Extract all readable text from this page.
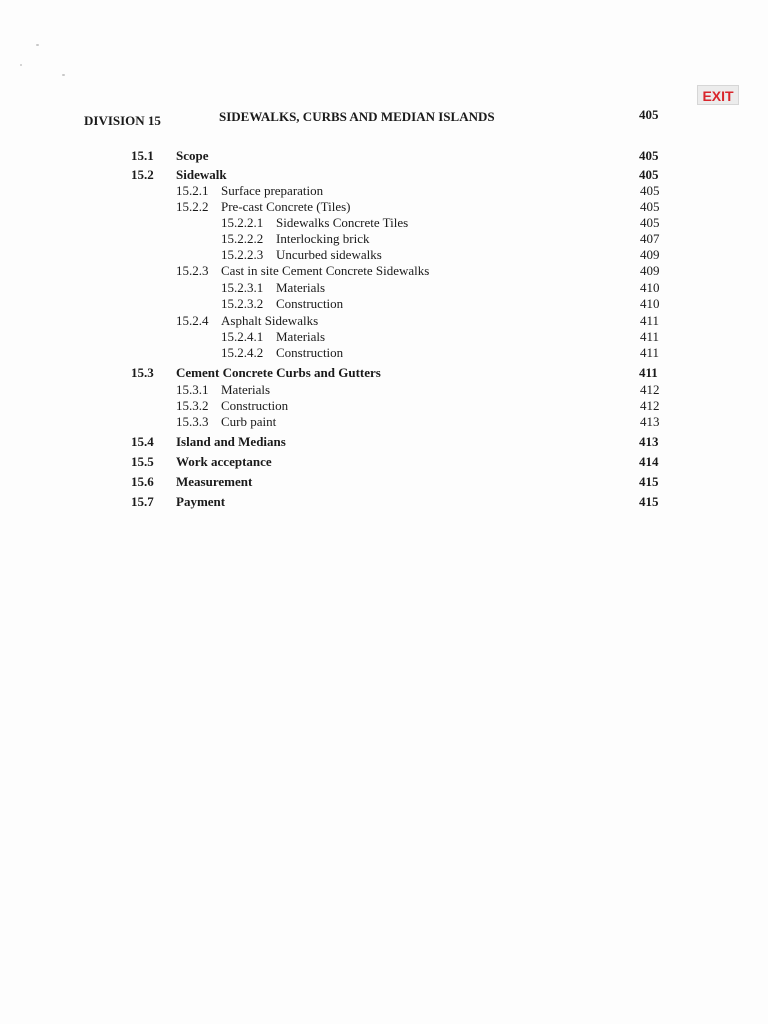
EXIT
DIVISION 15	SIDEWALKS, CURBS AND MEDIAN ISLANDS	405
15.1 Scope	405
15.2 Sidewalk	405
15.2.1 Surface preparation	405
15.2.2 Pre-cast Concrete (Tiles)	405
15.2.2.1 Sidewalks Concrete Tiles	405
15.2.2.2 Interlocking brick	407
15.2.2.3 Uncurbed sidewalks	409
15.2.3 Cast in site Cement Concrete Sidewalks	409
15.2.3.1 Materials	410
15.2.3.2 Construction	410
15.2.4 Asphalt Sidewalks	411
15.2.4.1 Materials	411
15.2.4.2 Construction	411
15.3 Cement Concrete Curbs and Gutters	411
15.3.1 Materials	412
15.3.2 Construction	412
15.3.3 Curb paint	413
15.4 Island and Medians	413
15.5 Work acceptance	414
15.6 Measurement	415
15.7 Payment	415
